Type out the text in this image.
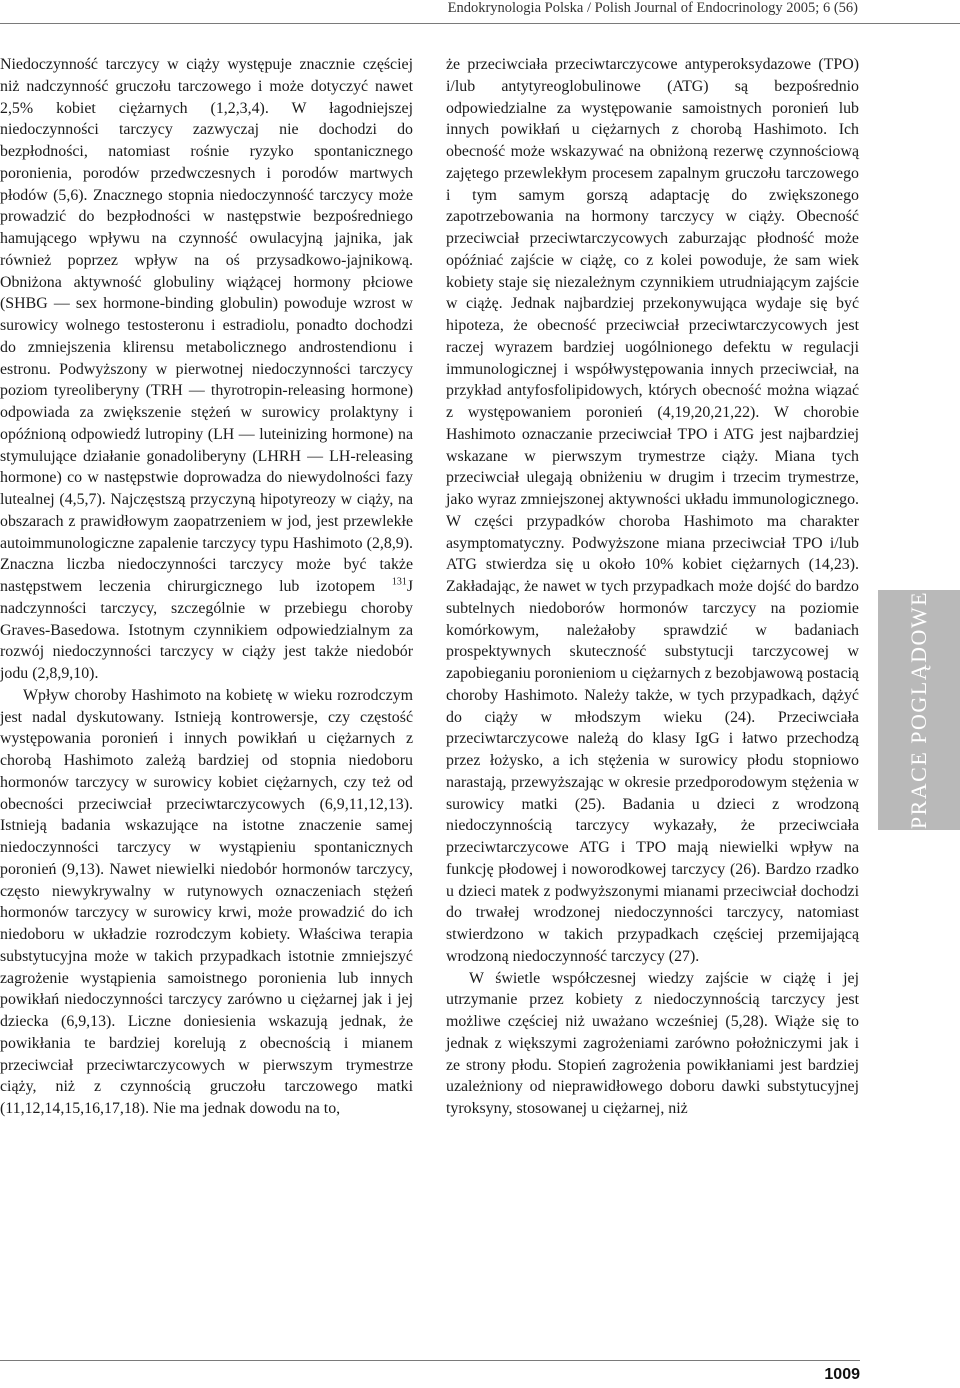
Endokrynologia Polska / Polish Journal of Endocrinology 2005; 6 (56)

Niedoczynność tarczycy w ciąży występuje znacznie częściej niż nadczynność gruczołu tarczowego i może dotyczyć nawet 2,5% kobiet ciężarnych (1,2,3,4). W łagodniejszej niedoczynności tarczycy zazwyczaj nie dochodzi do bezpłodności, natomiast rośnie ryzyko spontanicznego poronienia, porodów przedwczesnych i porodów martwych płodów (5,6). Znacznego stopnia niedoczynność tarczycy może prowadzić do bezpłodności w następstwie bezpośredniego hamującego wpływu na czynność owulacyjną jajnika, jak również poprzez wpływ na oś przysadkowo-jajnikową. Obniżona aktywność globuliny wiążącej hormony płciowe (SHBG — sex hormone-binding globulin) powoduje wzrost w surowicy wolnego testosteronu i estradiolu, ponadto dochodzi do zmniejszenia klirensu metabolicznego androstendionu i estronu. Podwyższony w pierwotnej niedoczynności tarczycy poziom tyreoliberyny (TRH — thyrotropin-releasing hormone) odpowiada za zwiększenie stężeń w surowicy prolaktyny i opóźnioną odpowiedź lutropiny (LH — luteinizing hormone) na stymulujące działanie gonadoliberyny (LHRH — LH-releasing hormone) co w następstwie doprowadza do niewydolności fazy lutealnej (4,5,7). Najczęstszą przyczyną hipotyreozy w ciąży, na obszarach z prawidłowym zaopatrzeniem w jod, jest przewlekłe autoimmunologiczne zapalenie tarczycy typu Hashimoto (2,8,9). Znaczna liczba niedoczynności tarczycy może być także następstwem leczenia chirurgicznego lub izotopem $^{131}$J nadczynności tarczycy, szczególnie w przebiegu choroby Graves-Basedowa. Istotnym czynnikiem odpowiedzialnym za rozwój niedoczynności tarczycy w ciąży jest także niedobór jodu (2,8,9,10).

Wpływ choroby Hashimoto na kobietę w wieku rozrodczym jest nadal dyskutowany. Istnieją kontrowersje, czy częstość występowania poronień i innych powikłań u ciężarnych z chorobą Hashimoto zależą bardziej od stopnia niedoboru hormonów tarczycy w surowicy kobiet ciężarnych, czy też od obecności przeciwciał przeciwtarczycowych (6,9,11,12,13). Istnieją badania wskazujące na istotne znaczenie samej niedoczynności tarczycy w wystąpieniu spontanicznych poronień (9,13). Nawet niewielki niedobór hormonów tarczycy, często niewykrywalny w rutynowych oznaczeniach stężeń hormonów tarczycy w surowicy krwi, może prowadzić do ich niedoboru w układzie rozrodczym kobiety. Właściwa terapia substytucyjna może w takich przypadkach istotnie zmniejszyć zagrożenie wystąpienia samoistnego poronienia lub innych powikłań niedoczynności tarczycy zarówno u ciężarnej jak i jej dziecka (6,9,13). Liczne doniesienia wskazują jednak, że powikłania te bardziej korelują z obecnością i mianem przeciwciał przeciwtarczycowych w pierwszym trymestrze ciąży, niż z czynnością gruczołu tarczowego matki (11,12,14,15,16,17,18). Nie ma jednak dowodu na to,

że przeciwciała przeciwtarczycowe antyperoksydazowe (TPO) i/lub antytyreoglobulinowe (ATG) są bezpośrednio odpowiedzialne za występowanie samoistnych poronień lub innych powikłań u ciężarnych z chorobą Hashimoto. Ich obecność może wskazywać na obniżoną rezerwę czynnościową zajętego przewlekłym procesem zapalnym gruczołu tarczowego i tym samym gorszą adaptację do zwiększonego zapotrzebowania na hormony tarczycy w ciąży. Obecność przeciwciał przeciwtarczycowych zaburzając płodność może opóźniać zajście w ciążę, co z kolei powoduje, że sam wiek kobiety staje się niezależnym czynnikiem utrudniającym zajście w ciążę. Jednak najbardziej przekonywująca wydaje się być hipoteza, że obecność przeciwciał przeciwtarczycowych jest raczej wyrazem bardziej uogólnionego defektu w regulacji immunologicznej i współwystępowania innych przeciwciał, na przykład antyfosfolipidowych, których obecność można wiązać z występowaniem poronień (4,19,20,21,22). W chorobie Hashimoto oznaczanie przeciwciał TPO i ATG jest najbardziej wskazane w pierwszym trymestrze ciąży. Miana tych przeciwciał ulegają obniżeniu w drugim i trzecim trymestrze, jako wyraz zmniejszonej aktywności układu immunologicznego. W części przypadków choroba Hashimoto ma charakter asymptomatyczny. Podwyższone miana przeciwciał TPO i/lub ATG stwierdza się u około 10% kobiet ciężarnych (14,23). Zakładając, że nawet w tych przypadkach może dojść do bardzo subtelnych niedoborów hormonów tarczycy na poziomie komórkowym, należałoby sprawdzić w badaniach prospektywnych skuteczność substytucji tarczycowej w zapobieganiu poronieniom u ciężarnych z bezobjawową postacią choroby Hashimoto. Należy także, w tych przypadkach, dążyć do ciąży w młodszym wieku (24). Przeciwciała przeciwtarczycowe należą do klasy IgG i łatwo przechodzą przez łożysko, a ich stężenia w surowicy płodu stopniowo narastają, przewyższając w okresie przedporodowym stężenia w surowicy matki (25). Badania u dzieci z wrodzoną niedoczynnością tarczycy wykazały, że przeciwciała przeciwtarczycowe ATG i TPO mają niewielki wpływ na funkcję płodowej i noworodkowej tarczycy (26). Bardzo rzadko u dzieci matek z podwyższonymi mianami przeciwciał dochodzi do trwałej wrodzonej niedoczynności tarczycy, natomiast stwierdzono w takich przypadkach częściej przemijającą wrodzoną niedoczynność tarczycy (27).

W świetle współczesnej wiedzy zajście w ciążę i jej utrzymanie przez kobiety z niedoczynnością tarczycy jest możliwe częściej niż uważano wcześniej (5,28). Wiąże się to jednak z większymi zagrożeniami zarówno położniczymi jak i ze strony płodu. Stopień zagrożenia powikłaniami jest bardziej uzależniony od nieprawidłowego doboru dawki substytucyjnej tyroksyny, stosowanej u ciężarnej, niż

PRACE POGLĄDOWE
1009
